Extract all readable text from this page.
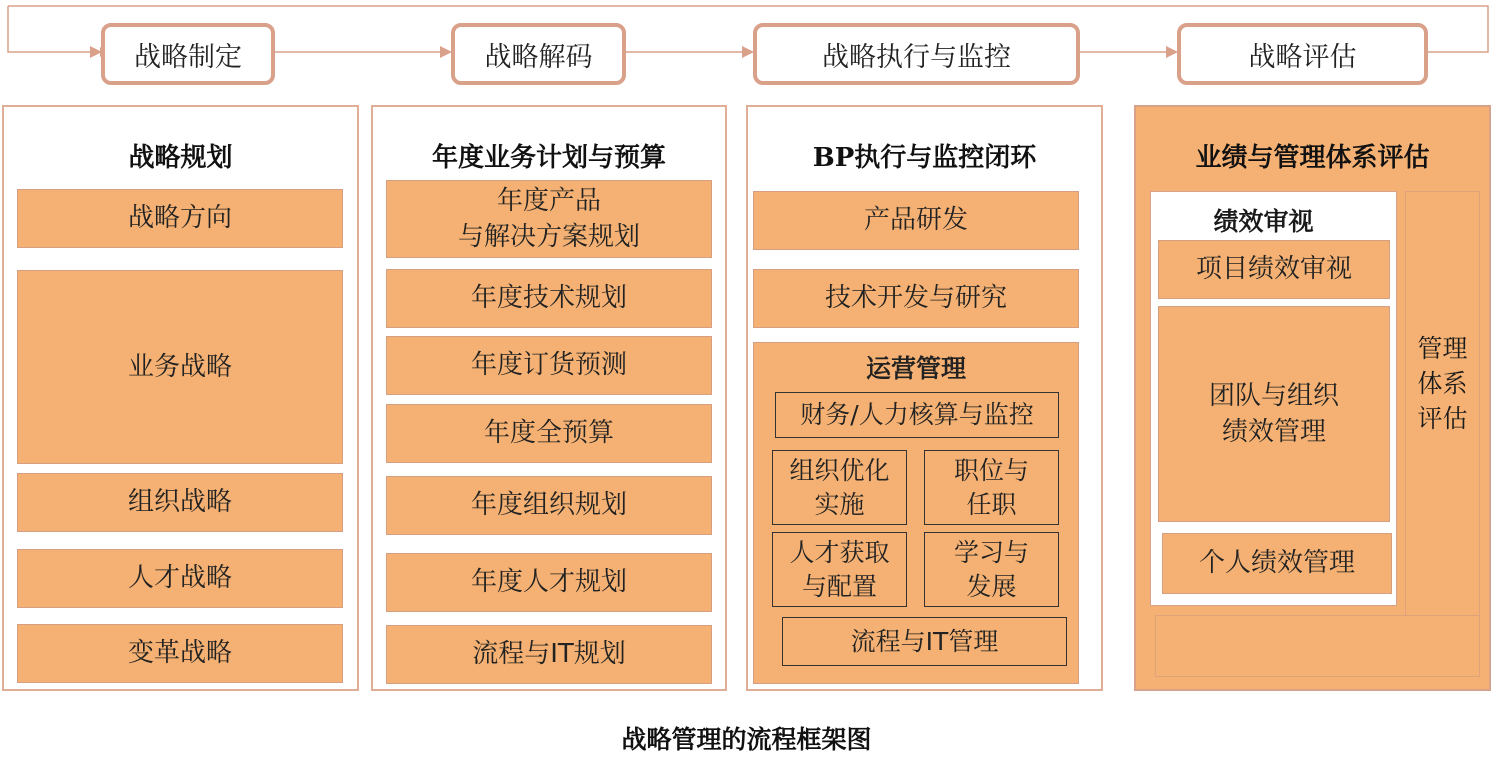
战略制定	战略解码	战略执行与监控	战略评估
战略规划
战略方向
业务战略
组织战略
人才战略
变革战略
年度业务计划与预算
年度产品
与解决方案规划
年度技术规划
年度订货预测
年度全预算
年度组织规划
年度人才规划
流程与IT规划
BP执行与监控闭环
产品研发
技术开发与研究
运营管理
财务/人力核算与监控
组织优化
实施
职位与
任职
人才获取
与配置
学习与
发展
流程与IT管理
业绩与管理体系评估
绩效审视
项目绩效审视
团队与组织
绩效管理
个人绩效管理
管理
体系
评估
战略管理的流程框架图
